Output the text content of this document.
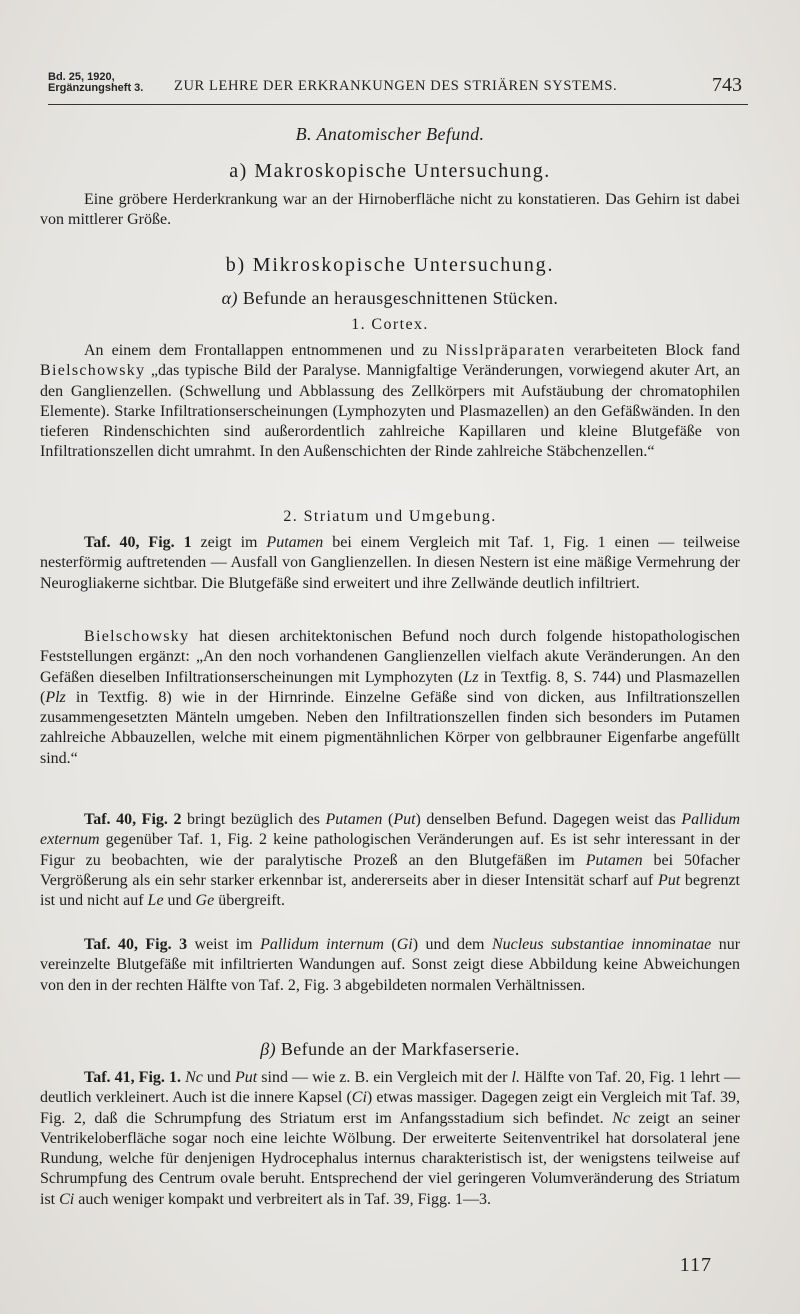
Bd. 25, 1920,
Ergänzungsheft 3. ZUR LEHRE DER ERKRANKUNGEN DES STRIÄREN SYSTEMS.	743
B. Anatomischer Befund.
a) Makroskopische Untersuchung.

Eine gröbere Herderkrankung war an der Hirnoberfläche nicht zu konstatieren. Das Gehirn ist dabei von mittlerer Größe.

b) Mikroskopische Untersuchung.
α) Befunde an herausgeschnittenen Stücken.
1. Cortex.

An einem dem Frontallappen entnommenen und zu Nisslpräparaten verarbeiteten Block fand Bielschowsky „das typische Bild der Paralyse. Mannigfaltige Veränderungen, vorwiegend akuter Art, an den Ganglienzellen. (Schwellung und Abblassung des Zellkörpers mit Aufstäubung der chromatophilen Elemente). Starke Infiltrationserscheinungen (Lymphozyten und Plasmazellen) an den Gefäßwänden. In den tieferen Rindenschichten sind außerordentlich zahlreiche Kapillaren und kleine Blutgefäße von Infiltrationszellen dicht umrahmt. In den Außenschichten der Rinde zahlreiche Stäbchenzellen.“

2. Striatum und Umgebung.

Taf. 40, Fig. 1 zeigt im Putamen bei einem Vergleich mit Taf. 1, Fig. 1 einen — teilweise nesterförmig auftretenden — Ausfall von Ganglienzellen. In diesen Nestern ist eine mäßige Vermehrung der Neurogliakerne sichtbar. Die Blutgefäße sind erweitert und ihre Zellwände deutlich infiltriert.

Bielschowsky hat diesen architektonischen Befund noch durch folgende histopathologischen Feststellungen ergänzt: „An den noch vorhandenen Ganglienzellen vielfach akute Veränderungen. An den Gefäßen dieselben Infiltrationserscheinungen mit Lymphozyten (Lz in Textfig. 8, S. 744) und Plasmazellen (Plz in Textfig. 8) wie in der Hirnrinde. Einzelne Gefäße sind von dicken, aus Infiltrationszellen zusammengesetzten Mänteln umgeben. Neben den Infiltrationszellen finden sich besonders im Putamen zahlreiche Abbauzellen, welche mit einem pigmentähnlichen Körper von gelbbrauner Eigenfarbe angefüllt sind.“

Taf. 40, Fig. 2 bringt bezüglich des Putamen (Put) denselben Befund. Dagegen weist das Pallidum externum gegenüber Taf. 1, Fig. 2 keine pathologischen Veränderungen auf. Es ist sehr interessant in der Figur zu beobachten, wie der paralytische Prozeß an den Blutgefäßen im Putamen bei 50facher Vergrößerung als ein sehr starker erkennbar ist, andererseits aber in dieser Intensität scharf auf Put begrenzt ist und nicht auf Le und Ge übergreift.

Taf. 40, Fig. 3 weist im Pallidum internum (Gi) und dem Nucleus substantiae innominatae nur vereinzelte Blutgefäße mit infiltrierten Wandungen auf. Sonst zeigt diese Abbildung keine Abweichungen von den in der rechten Hälfte von Taf. 2, Fig. 3 abgebildeten normalen Verhältnissen.

β) Befunde an der Markfaserserie.

Taf. 41, Fig. 1. Nc und Put sind — wie z. B. ein Vergleich mit der l. Hälfte von Taf. 20, Fig. 1 lehrt — deutlich verkleinert. Auch ist die innere Kapsel (Ci) etwas massiger. Dagegen zeigt ein Vergleich mit Taf. 39, Fig. 2, daß die Schrumpfung des Striatum erst im Anfangsstadium sich befindet. Nc zeigt an seiner Ventrikeloberfläche sogar noch eine leichte Wölbung. Der erweiterte Seitenventrikel hat dorsolateral jene Rundung, welche für denjenigen Hydrocephalus internus charakteristisch ist, der wenigstens teilweise auf Schrumpfung des Centrum ovale beruht. Entsprechend der viel geringeren Volumveränderung des Striatum ist Ci auch weniger kompakt und verbreitert als in Taf. 39, Figg. 1—3.

117
